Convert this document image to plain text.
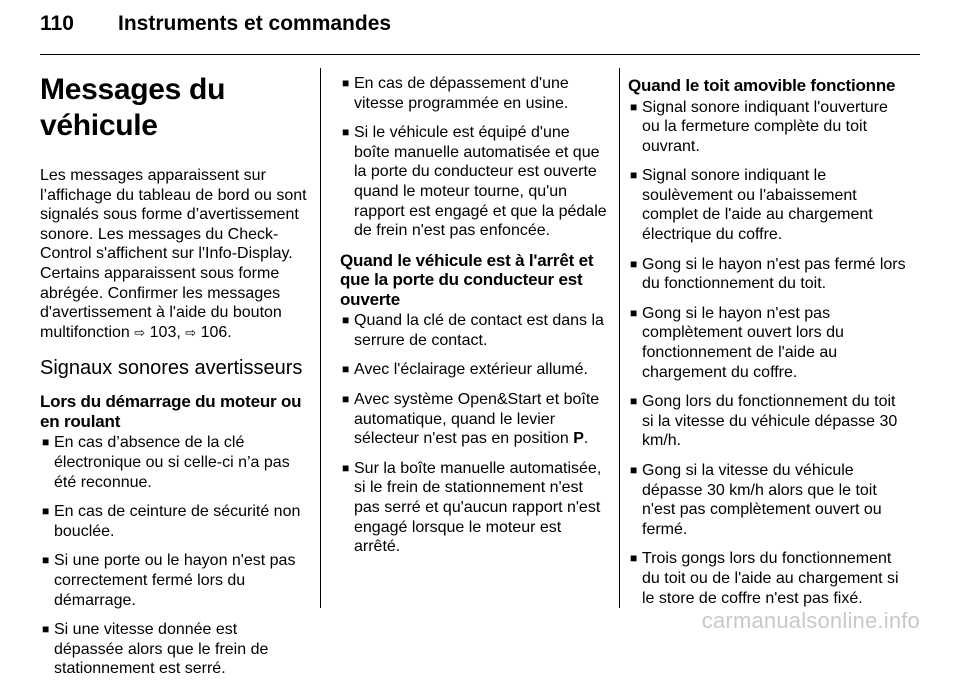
110	Instruments et commandes
Messages du véhicule

Les messages apparaissent sur l’affichage du tableau de bord ou sont signalés sous forme d’avertissement sonore. Les messages du Check-Control s'affichent sur l'Info-Display. Certains apparaissent sous forme abrégée. Confirmer les messages d'avertissement à l'aide du bouton multifonction ⇨ 103, ⇨ 106.

Signaux sonores avertisseurs
Lors du démarrage du moteur ou en roulant
■ En cas d’absence de la clé électronique ou si celle-ci n’a pas été reconnue.
■ En cas de ceinture de sécurité non bouclée.
■ Si une porte ou le hayon n'est pas correctement fermé lors du démarrage.
■ Si une vitesse donnée est dépassée alors que le frein de stationnement est serré.
■ En cas de dépassement d'une vitesse programmée en usine.
■ Si le véhicule est équipé d'une boîte manuelle automatisée et que la porte du conducteur est ouverte quand le moteur tourne, qu'un rapport est engagé et que la pédale de frein n'est pas enfoncée.
Quand le véhicule est à l'arrêt et que la porte du conducteur est ouverte
■ Quand la clé de contact est dans la serrure de contact.
■ Avec l'éclairage extérieur allumé.
■ Avec système Open&Start et boîte automatique, quand le levier sélecteur n'est pas en position P.
■ Sur la boîte manuelle automatisée, si le frein de stationnement n'est pas serré et qu'aucun rapport n'est engagé lorsque le moteur est arrêté.
Quand le toit amovible fonctionne
■ Signal sonore indiquant l'ouverture ou la fermeture complète du toit ouvrant.
■ Signal sonore indiquant le soulèvement ou l'abaissement complet de l'aide au chargement électrique du coffre.
■ Gong si le hayon n'est pas fermé lors du fonctionnement du toit.
■ Gong si le hayon n'est pas complètement ouvert lors du fonctionnement de l'aide au chargement du coffre.
■ Gong lors du fonctionnement du toit si la vitesse du véhicule dépasse 30 km/h.
■ Gong si la vitesse du véhicule dépasse 30 km/h alors que le toit n'est pas complètement ouvert ou fermé.
■ Trois gongs lors du fonctionnement du toit ou de l'aide au chargement si le store de coffre n'est pas fixé.
carmanualsonline.info
